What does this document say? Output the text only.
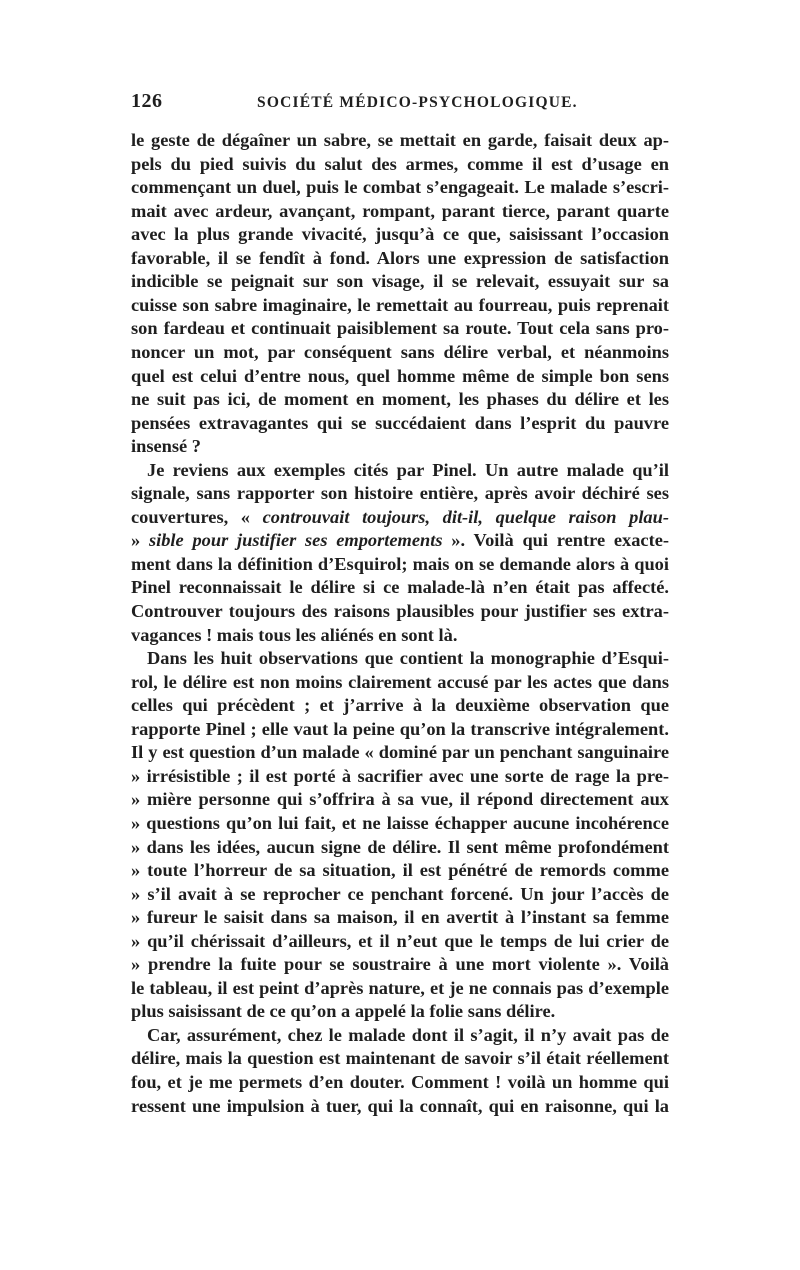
126	SOCIÉTÉ MÉDICO-PSYCHOLOGIQUE.
le geste de dégaîner un sabre, se mettait en garde, faisait deux ap-
pels du pied suivis du salut des armes, comme il est d’usage en
commençant un duel, puis le combat s’engageait. Le malade s’escri-
mait avec ardeur, avançant, rompant, parant tierce, parant quarte
avec la plus grande vivacité, jusqu’à ce que, saisissant l’occasion
favorable, il se fendît à fond. Alors une expression de satisfaction
indicible se peignait sur son visage, il se relevait, essuyait sur sa
cuisse son sabre imaginaire, le remettait au fourreau, puis reprenait
son fardeau et continuait paisiblement sa route. Tout cela sans pro-
noncer un mot, par conséquent sans délire verbal, et néanmoins
quel est celui d’entre nous, quel homme même de simple bon sens
ne suit pas ici, de moment en moment, les phases du délire et les
pensées extravagantes qui se succédaient dans l’esprit du pauvre
insensé ?
Je reviens aux exemples cités par Pinel. Un autre malade qu’il
signale, sans rapporter son histoire entière, après avoir déchiré ses
couvertures, « controuvait toujours, dit-il, quelque raison plau-
» sible pour justifier ses emportements ». Voilà qui rentre exacte-
ment dans la définition d’Esquirol; mais on se demande alors à quoi
Pinel reconnaissait le délire si ce malade-là n’en était pas affecté.
Controuver toujours des raisons plausibles pour justifier ses extra-
vagances ! mais tous les aliénés en sont là.
Dans les huit observations que contient la monographie d’Esqui-
rol, le délire est non moins clairement accusé par les actes que dans
celles qui précèdent ; et j’arrive à la deuxième observation que
rapporte Pinel ; elle vaut la peine qu’on la transcrive intégralement.
Il y est question d’un malade « dominé par un penchant sanguinaire
» irrésistible ; il est porté à sacrifier avec une sorte de rage la pre-
» mière personne qui s’offrira à sa vue, il répond directement aux
» questions qu’on lui fait, et ne laisse échapper aucune incohérence
» dans les idées, aucun signe de délire. Il sent même profondément
» toute l’horreur de sa situation, il est pénétré de remords comme
» s’il avait à se reprocher ce penchant forcené. Un jour l’accès de
» fureur le saisit dans sa maison, il en avertit à l’instant sa femme
» qu’il chérissait d’ailleurs, et il n’eut que le temps de lui crier de
» prendre la fuite pour se soustraire à une mort violente ». Voilà
le tableau, il est peint d’après nature, et je ne connais pas d’exemple
plus saisissant de ce qu’on a appelé la folie sans délire.
Car, assurément, chez le malade dont il s’agit, il n’y avait pas de
délire, mais la question est maintenant de savoir s’il était réellement
fou, et je me permets d’en douter. Comment ! voilà un homme qui
ressent une impulsion à tuer, qui la connaît, qui en raisonne, qui la
